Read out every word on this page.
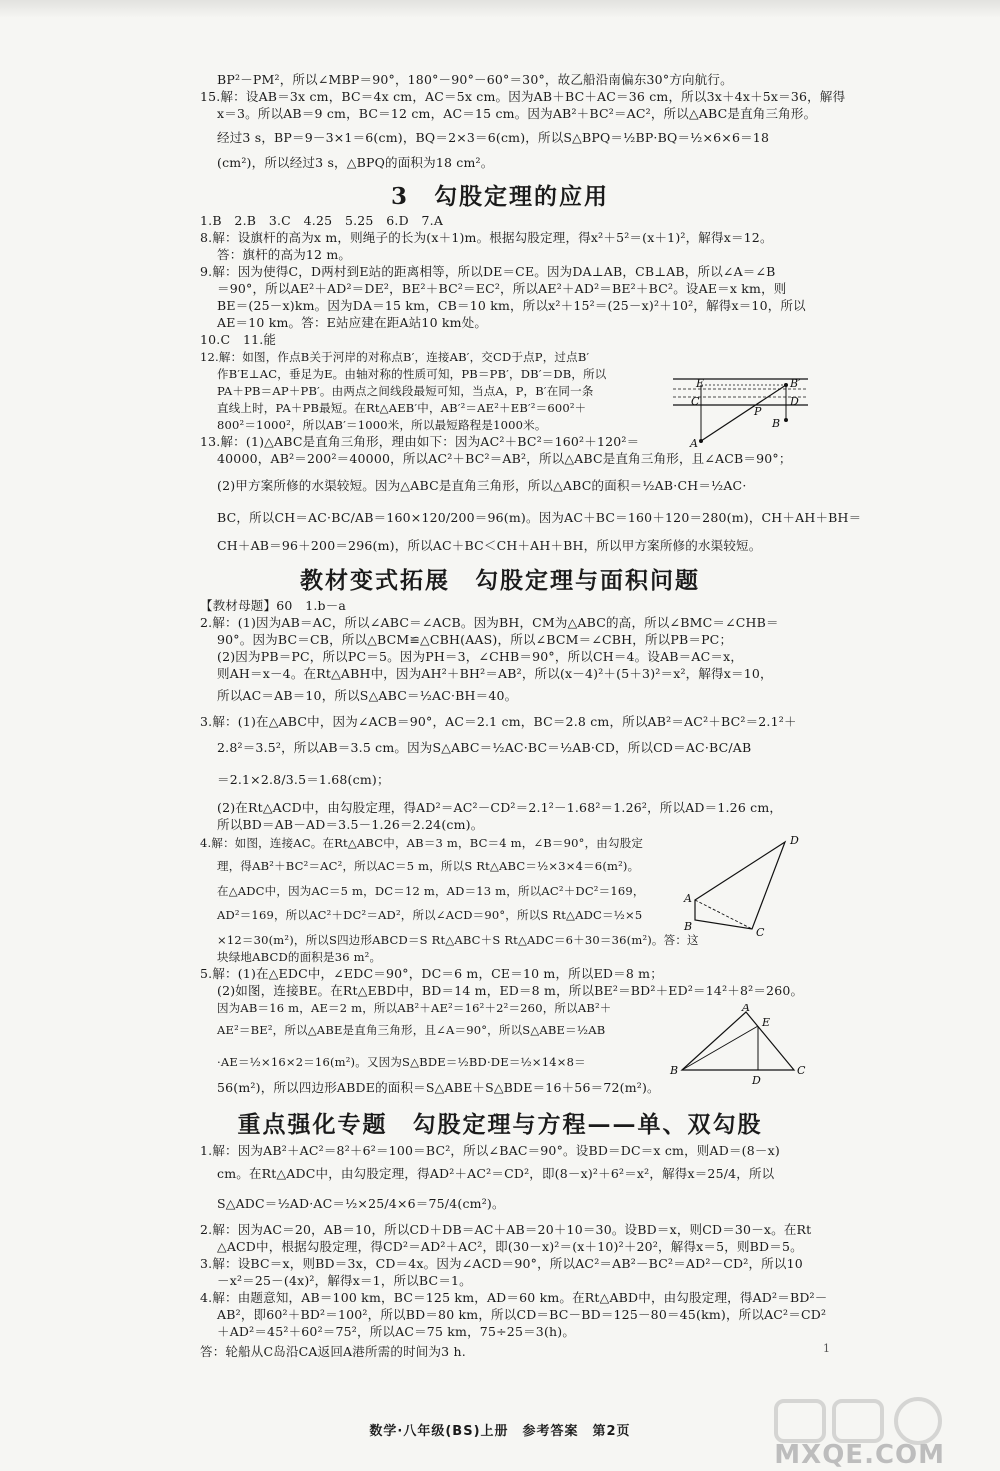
BP²－PM²，所以∠MBP＝90°，180°－90°－60°＝30°，故乙船沿南偏东30°方向航行。
15.解：设AB＝3x cm，BC＝4x cm，AC＝5x cm。因为AB＋BC＋AC＝36 cm，所以3x＋4x＋5x＝36，解得
x＝3。所以AB＝9 cm，BC＝12 cm，AC＝15 cm。因为AB²＋BC²＝AC²，所以△ABC是直角三角形。
经过3 s，BP＝9－3×1＝6(cm)，BQ＝2×3＝6(cm)，所以S△BPQ＝½BP·BQ＝½×6×6＝18
(cm²)，所以经过3 s，△BPQ的面积为18 cm²。
3　勾股定理的应用
1.B　2.B　3.C　4.25　5.25　6.D　7.A
8.解：设旗杆的高为x m，则绳子的长为(x＋1)m。根据勾股定理，得x²＋5²＝(x＋1)²，解得x＝12。
答：旗杆的高为12 m。
9.解：因为使得C，D两村到E站的距离相等，所以DE＝CE。因为DA⊥AB，CB⊥AB，所以∠A＝∠B
＝90°，所以AE²＋AD²＝DE²，BE²＋BC²＝EC²，所以AE²＋AD²＝BE²＋BC²。设AE＝x km，则
BE＝(25－x)km。因为DA＝15 km，CB＝10 km，所以x²＋15²＝(25－x)²＋10²，解得x＝10，所以
AE＝10 km。答：E站应建在距A站10 km处。
10.C　11.能
12.解：如图，作点B关于河岸的对称点B′，连接AB′，交CD于点P，过点B′
作B′E⊥AC，垂足为E。由轴对称的性质可知，PB＝PB′，DB′＝DB，所以
PA＋PB＝AP＋PB′。由两点之间线段最短可知，当点A，P，B′在同一条
直线上时，PA＋PB最短。在Rt△AEB′中，AB′²＝AE²＋EB′²＝600²＋
800²＝1000²，所以AB′＝1000米，所以最短路程是1000米。
13.解：(1)△ABC是直角三角形，理由如下：因为AC²＋BC²＝160²＋120²＝
40000，AB²＝200²＝40000，所以AC²＋BC²＝AB²，所以△ABC是直角三角形，且∠ACB＝90°；
(2)甲方案所修的水渠较短。因为△ABC是直角三角形，所以△ABC的面积＝½AB·CH＝½AC·
BC，所以CH＝AC·BC/AB＝160×120/200＝96(m)。因为AC＋BC＝160＋120＝280(m)，CH＋AH＋BH＝
CH＋AB＝96＋200＝296(m)，所以AC＋BC＜CH＋AH＋BH，所以甲方案所修的水渠较短。
E	B′
C	D
P
A
B
教材变式拓展　勾股定理与面积问题
【教材母题】60　1.b－a
2.解：(1)因为AB＝AC，所以∠ABC＝∠ACB。因为BH，CM为△ABC的高，所以∠BMC＝∠CHB＝
90°。因为BC＝CB，所以△BCM≌△CBH(AAS)，所以∠BCM＝∠CBH，所以PB＝PC；
(2)因为PB＝PC，所以PC＝5。因为PH＝3，∠CHB＝90°，所以CH＝4。设AB＝AC＝x，
则AH＝x－4。在Rt△ABH中，因为AH²＋BH²＝AB²，所以(x－4)²＋(5＋3)²＝x²，解得x＝10，
所以AC＝AB＝10，所以S△ABC＝½AC·BH＝40。
3.解：(1)在△ABC中，因为∠ACB＝90°，AC＝2.1 cm，BC＝2.8 cm，所以AB²＝AC²＋BC²＝2.1²＋
2.8²＝3.5²，所以AB＝3.5 cm。因为S△ABC＝½AC·BC＝½AB·CD，所以CD＝AC·BC/AB
＝2.1×2.8/3.5＝1.68(cm)；
(2)在Rt△ACD中，由勾股定理，得AD²＝AC²－CD²＝2.1²－1.68²＝1.26²，所以AD＝1.26 cm，
所以BD＝AB－AD＝3.5－1.26＝2.24(cm)。
4.解：如图，连接AC。在Rt△ABC中，AB＝3 m，BC＝4 m，∠B＝90°，由勾股定
理，得AB²＋BC²＝AC²，所以AC＝5 m，所以S Rt△ABC＝½×3×4＝6(m²)。
在△ADC中，因为AC＝5 m，DC＝12 m，AD＝13 m，所以AC²＋DC²＝169，
AD²＝169，所以AC²＋DC²＝AD²，所以∠ACD＝90°，所以S Rt△ADC＝½×5
×12＝30(m²)，所以S四边形ABCD＝S Rt△ABC＋S Rt△ADC＝6＋30＝36(m²)。答：这
块绿地ABCD的面积是36 m²。
5.解：(1)在△EDC中，∠EDC＝90°，DC＝6 m，CE＝10 m，所以ED＝8 m；
(2)如图，连接BE。在Rt△EBD中，BD＝14 m，ED＝8 m，所以BE²＝BD²＋ED²＝14²＋8²＝260。
因为AB＝16 m，AE＝2 m，所以AB²＋AE²＝16²＋2²＝260，所以AB²＋
AE²＝BE²，所以△ABE是直角三角形，且∠A＝90°，所以S△ABE＝½AB
·AE＝½×16×2＝16(m²)。又因为S△BDE＝½BD·DE＝½×14×8＝
56(m²)，所以四边形ABDE的面积＝S△ABE＋S△BDE＝16＋56＝72(m²)。
A
B	C
D
A
E
B
D
C
重点强化专题　勾股定理与方程——单、双勾股
1.解：因为AB²＋AC²＝8²＋6²＝100＝BC²，所以∠BAC＝90°。设BD＝DC＝x cm，则AD＝(8－x)
cm。在Rt△ADC中，由勾股定理，得AD²＋AC²＝CD²，即(8－x)²＋6²＝x²，解得x＝25/4，所以
S△ADC＝½AD·AC＝½×25/4×6＝75/4(cm²)。
2.解：因为AC＝20，AB＝10，所以CD＋DB＝AC＋AB＝20＋10＝30。设BD＝x，则CD＝30－x。在Rt
△ACD中，根据勾股定理，得CD²＝AD²＋AC²，即(30－x)²＝(x＋10)²＋20²，解得x＝5，则BD＝5。
3.解：设BC＝x，则BD＝3x，CD＝4x。因为∠ACD＝90°，所以AC²＝AB²－BC²＝AD²－CD²，所以10
－x²＝25－(4x)²，解得x＝1，所以BC＝1。
4.解：由题意知，AB＝100 km，BC＝125 km，AD＝60 km。在Rt△ABD中，由勾股定理，得AD²＝BD²－
AB²，即60²＋BD²＝100²，所以BD＝80 km，所以CD＝BC－BD＝125－80＝45(km)，所以AC²＝CD²
＋AD²＝45²＋60²＝75²，所以AC＝75 km，75÷25＝3(h)。
答：轮船从C岛沿CA返回A港所需的时间为3 h.	1
数学·八年级(BS)上册　参考答案　第2页
MXQE.COM
